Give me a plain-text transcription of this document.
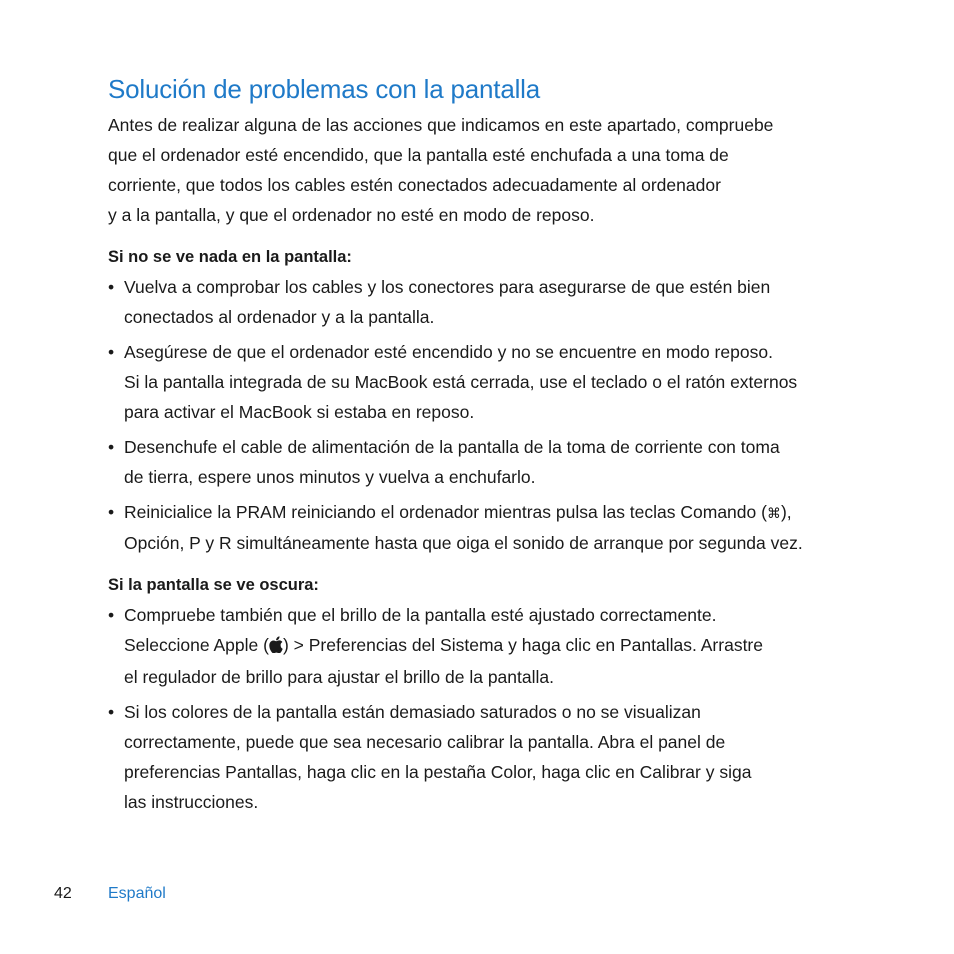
Solución de problemas con la pantalla

Antes de realizar alguna de las acciones que indicamos en este apartado, compruebe
que el ordenador esté encendido, que la pantalla esté enchufada a una toma de
corriente, que todos los cables estén conectados adecuadamente al ordenador
y a la pantalla, y que el ordenador no esté en modo de reposo.

Si no se ve nada en la pantalla:

• Vuelva a comprobar los cables y los conectores para asegurarse de que estén bien
conectados al ordenador y a la pantalla.
• Asegúrese de que el ordenador esté encendido y no se encuentre en modo reposo.
Si la pantalla integrada de su MacBook está cerrada, use el teclado o el ratón externos
para activar el MacBook si estaba en reposo.
• Desenchufe el cable de alimentación de la pantalla de la toma de corriente con toma
de tierra, espere unos minutos y vuelva a enchufarlo.
• Reinicialice la PRAM reiniciando el ordenador mientras pulsa las teclas Comando (⌘),
Opción, P y R simultáneamente hasta que oiga el sonido de arranque por segunda vez.

Si la pantalla se ve oscura:

• Compruebe también que el brillo de la pantalla esté ajustado correctamente.
Seleccione Apple ( ) > Preferencias del Sistema y haga clic en Pantallas. Arrastre
el regulador de brillo para ajustar el brillo de la pantalla.
• Si los colores de la pantalla están demasiado saturados o no se visualizan
correctamente, puede que sea necesario calibrar la pantalla. Abra el panel de
preferencias Pantallas, haga clic en la pestaña Color, haga clic en Calibrar y siga
las instrucciones.
42 Español
